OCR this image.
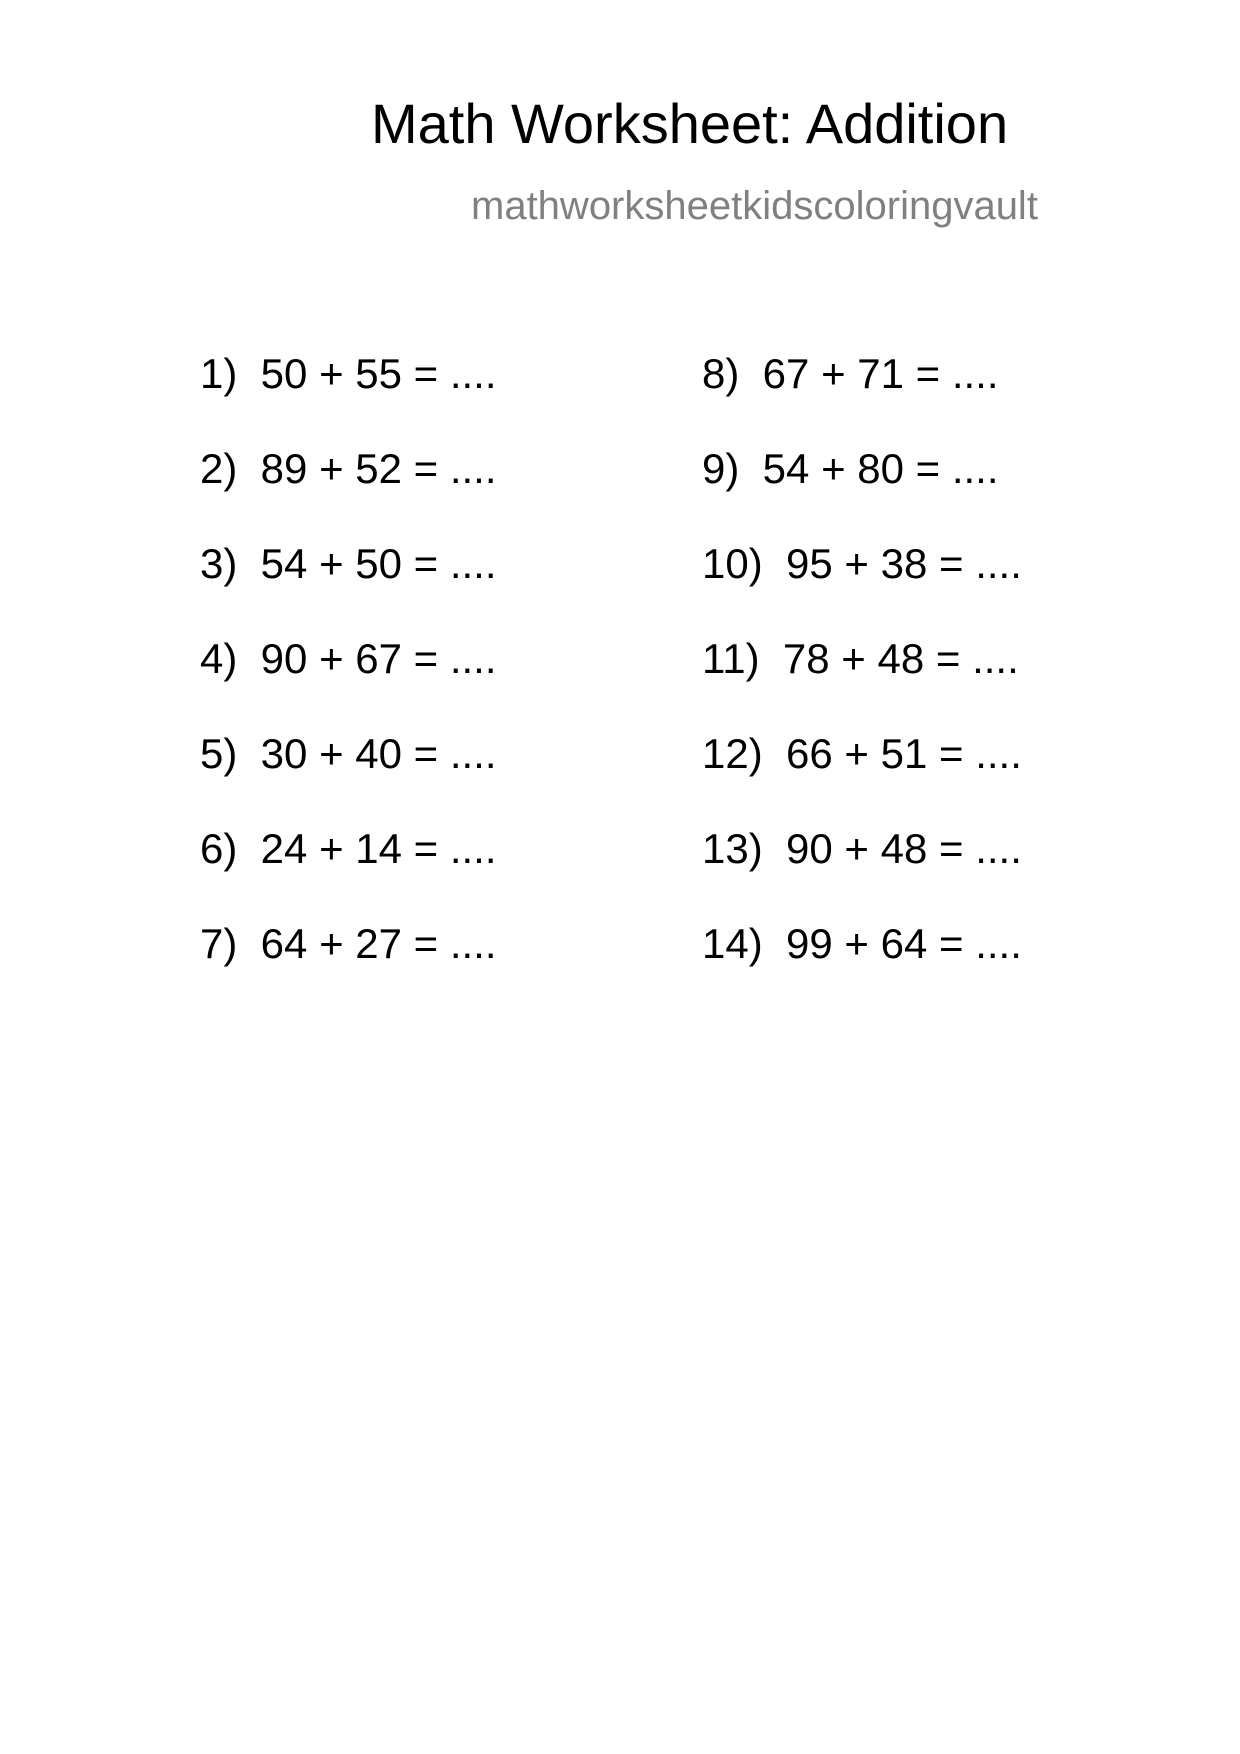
Math Worksheet: Addition
mathworksheetkidscoloringvault
1)  50 + 55 = ....
2)  89 + 52 = ....
3)  54 + 50 = ....
4)  90 + 67 = ....
5)  30 + 40 = ....
6)  24 + 14 = ....
7)  64 + 27 = ....
8)  67 + 71 = ....
9)  54 + 80 = ....
10)  95 + 38 = ....
11)  78 + 48 = ....
12)  66 + 51 = ....
13)  90 + 48 = ....
14)  99 + 64 = ....
